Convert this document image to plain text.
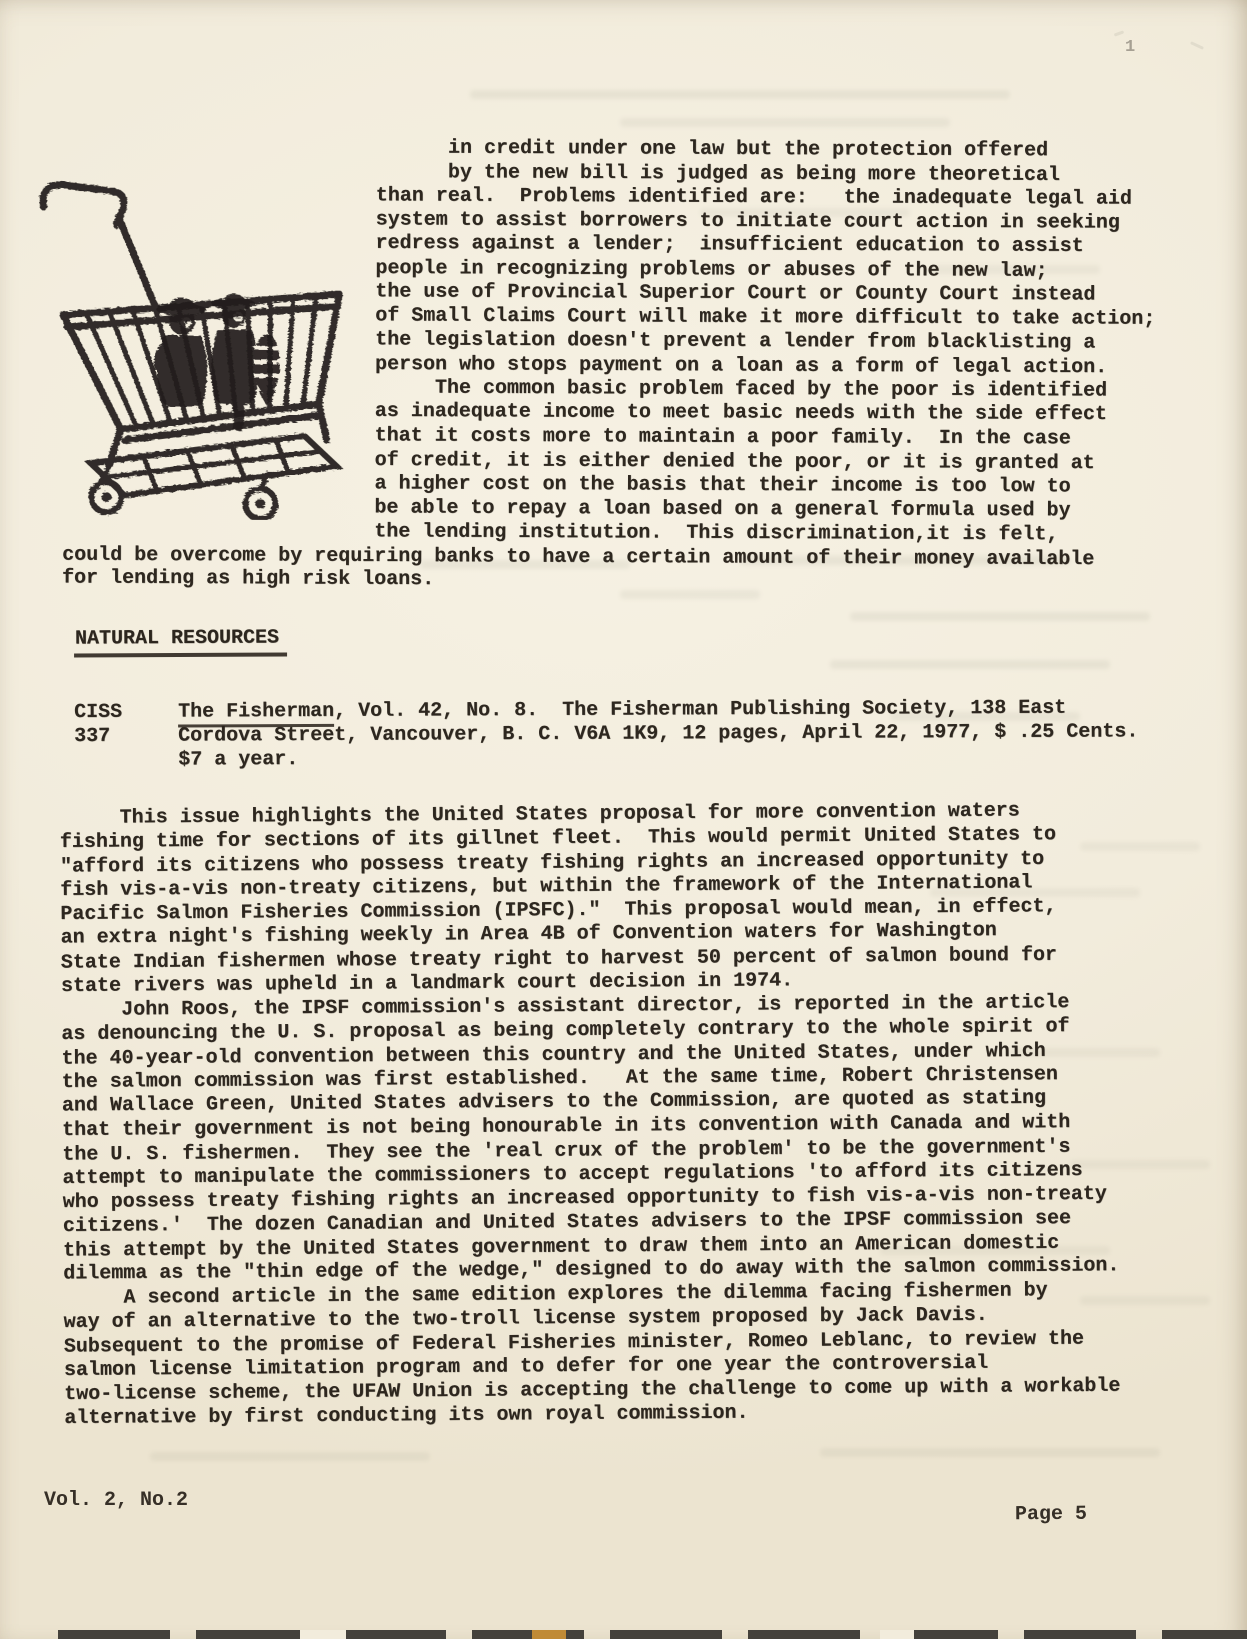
1
in credit under one law but the protection offered
by the new bill is judged as being more theoretical
than real.  Problems identified are:   the inadequate legal aid
system to assist borrowers to initiate court action in seeking
redress against a lender;  insufficient education to assist
people in recognizing problems or abuses of the new law;
the use of Provincial Superior Court or County Court instead
of Small Claims Court will make it more difficult to take action;
the legislation doesn't prevent a lender from blacklisting a
person who stops payment on a loan as a form of legal action.
The common basic problem faced by the poor is identified
as inadequate income to meet basic needs with the side effect
that it costs more to maintain a poor family.  In the case
of credit, it is either denied the poor, or it is granted at
a higher cost on the basis that their income is too low to
be able to repay a loan based on a general formula used by
the lending institution.  This discrimination,it is felt,
could be overcome by requiring banks to have a certain amount of their money available
for lending as high risk loans.
NATURAL RESOURCES
CISS
337
The Fisherman, Vol. 42, No. 8.  The Fisherman Publishing Society, 138 East
Cordova Street, Vancouver, B. C. V6A 1K9, 12 pages, April 22, 1977, $ .25 Cents.
$7 a year.
This issue highlights the United States proposal for more convention waters
fishing time for sections of its gillnet fleet.  This would permit United States to
"afford its citizens who possess treaty fishing rights an increased opportunity to
fish vis-a-vis non-treaty citizens, but within the framework of the International
Pacific Salmon Fisheries Commission (IPSFC)."  This proposal would mean, in effect,
an extra night's fishing weekly in Area 4B of Convention waters for Washington
State Indian fishermen whose treaty right to harvest 50 percent of salmon bound for
state rivers was upheld in a landmark court decision in 1974.
John Roos, the IPSF commission's assistant director, is reported in the article
as denouncing the U. S. proposal as being completely contrary to the whole spirit of
the 40-year-old convention between this country and the United States, under which
the salmon commission was first established.   At the same time, Robert Christensen
and Wallace Green, United States advisers to the Commission, are quoted as stating
that their government is not being honourable in its convention with Canada and with
the U. S. fishermen.  They see the 'real crux of the problem' to be the government's
attempt to manipulate the commissioners to accept regulations 'to afford its citizens
who possess treaty fishing rights an increased opportunity to fish vis-a-vis non-treaty
citizens.'  The dozen Canadian and United States advisers to the IPSF commission see
this attempt by the United States government to draw them into an American domestic
dilemma as the "thin edge of the wedge," designed to do away with the salmon commission.
A second article in the same edition explores the dilemma facing fishermen by
way of an alternative to the two-troll license system proposed by Jack Davis.
Subsequent to the promise of Federal Fisheries minister, Romeo Leblanc, to review the
salmon license limitation program and to defer for one year the controversial
two-license scheme, the UFAW Union is accepting the challenge to come up with a workable
alternative by first conducting its own royal commission.
Vol. 2, No.2
Page 5
